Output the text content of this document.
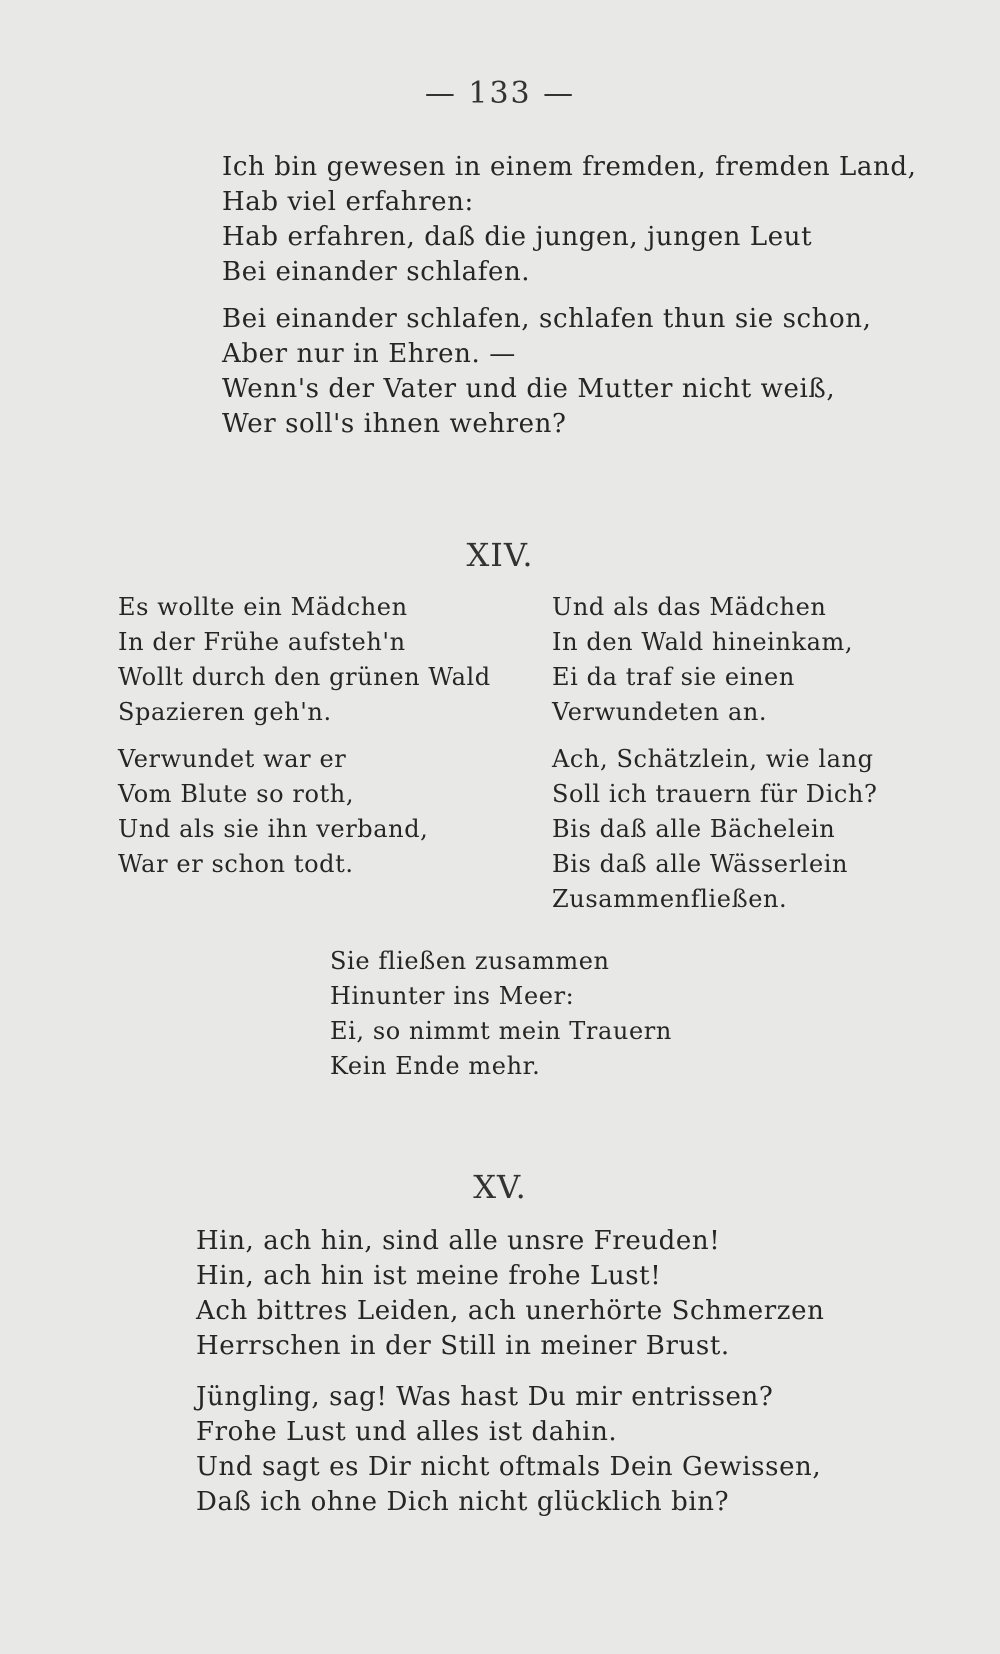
— 133 —
Ich bin gewesen in einem fremden, fremden Land,
Hab viel erfahren:
Hab erfahren, daß die jungen, jungen Leut
Bei einander schlafen.
Bei einander schlafen, schlafen thun sie schon,
Aber nur in Ehren. —
Wenn's der Vater und die Mutter nicht weiß,
Wer soll's ihnen wehren?
XIV.
Es wollte ein Mädchen
In der Frühe aufsteh'n
Wollt durch den grünen Wald
Spazieren geh'n.
Verwundet war er
Vom Blute so roth,
Und als sie ihn verband,
War er schon todt.
Und als das Mädchen
In den Wald hineinkam,
Ei da traf sie einen
Verwundeten an.
Ach, Schätzlein, wie lang
Soll ich trauern für Dich?
Bis daß alle Bächelein
Bis daß alle Wässerlein
Zusammenfließen.
Sie fließen zusammen
Hinunter ins Meer:
Ei, so nimmt mein Trauern
Kein Ende mehr.
XV.
Hin, ach hin, sind alle unsre Freuden!
Hin, ach hin ist meine frohe Lust!
Ach bittres Leiden, ach unerhörte Schmerzen
Herrschen in der Still in meiner Brust.
Jüngling, sag! Was hast Du mir entrissen?
Frohe Lust und alles ist dahin.
Und sagt es Dir nicht oftmals Dein Gewissen,
Daß ich ohne Dich nicht glücklich bin?
